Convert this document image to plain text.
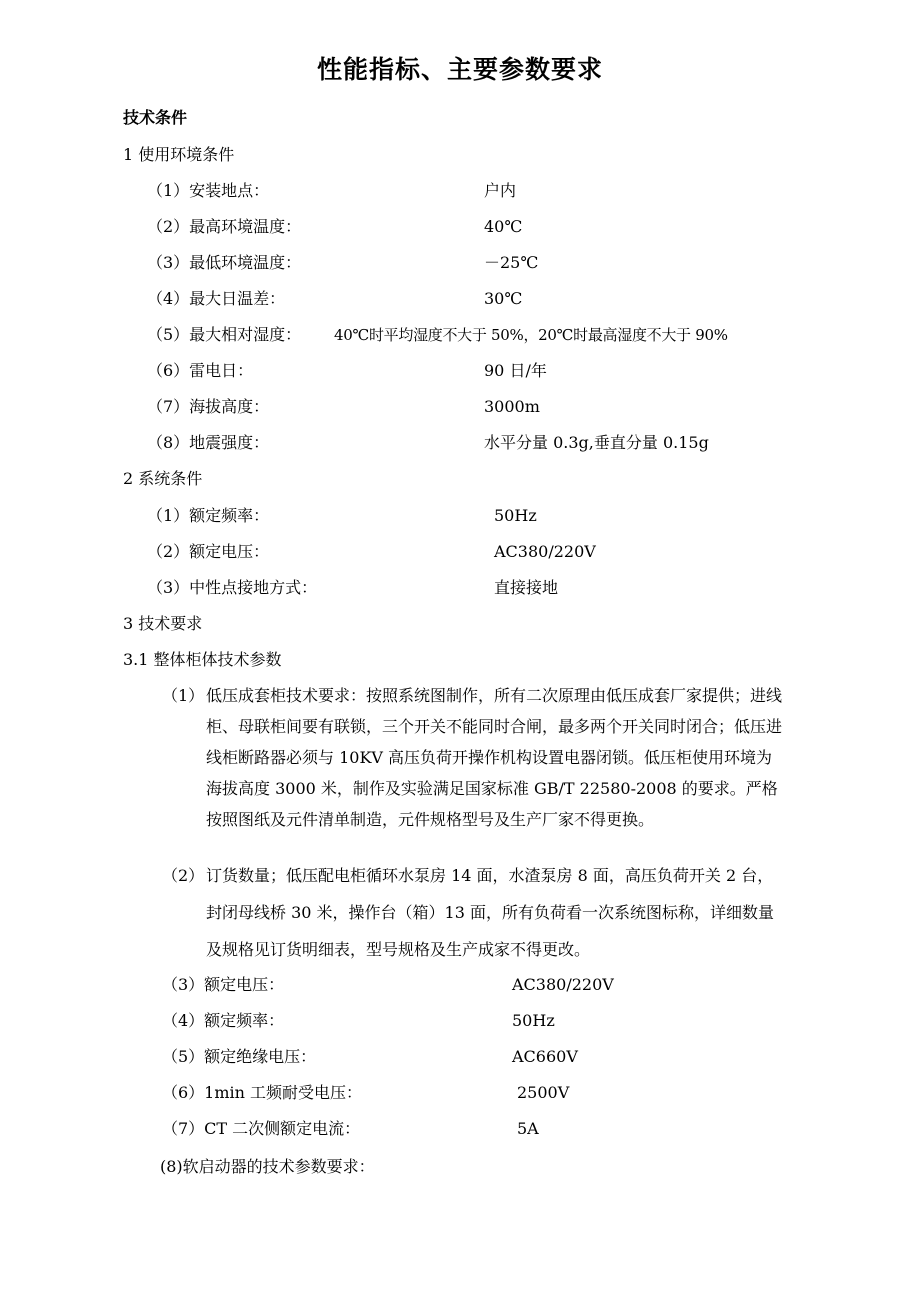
性能指标、主要参数要求
技术条件
1 使用环境条件
（1）安装地点：	户内
（2）最高环境温度：	40℃
（3）最低环境温度：	－25℃
（4）最大日温差：	30℃
（5）最大相对湿度： 40℃时平均湿度不大于 50%，20℃时最高湿度不大于 90%
（6）雷电日：	90 日/年
（7）海拔高度：	3000m
（8）地震强度：	水平分量 0.3g,垂直分量 0.15g
2 系统条件
（1）额定频率：	50Hz
（2）额定电压：	AC380/220V
（3）中性点接地方式：	直接接地
3 技术要求
3.1 整体柜体技术参数
（1） 低压成套柜技术要求：按照系统图制作，所有二次原理由低压成套厂家提供；进线柜、母联柜间要有联锁，三个开关不能同时合闸，最多两个开关同时闭合；低压进线柜断路器必须与 10KV 高压负荷开操作机构设置电器闭锁。低压柜使用环境为海拔高度 3000 米，制作及实验满足国家标准 GB/T 22580-2008 的要求。严格按照图纸及元件清单制造，元件规格型号及生产厂家不得更换。
（2） 订货数量；低压配电柜循环水泵房 14 面，水渣泵房 8 面，高压负荷开关 2 台，封闭母线桥 30 米，操作台（箱）13 面，所有负荷看一次系统图标称，详细数量及规格见订货明细表，型号规格及生产成家不得更改。
（3）额定电压：	AC380/220V
（4）额定频率：	50Hz
（5）额定绝缘电压：	AC660V
（6）1min 工频耐受电压：	2500V
（7）CT 二次侧额定电流：	5A
(8)软启动器的技术参数要求：
